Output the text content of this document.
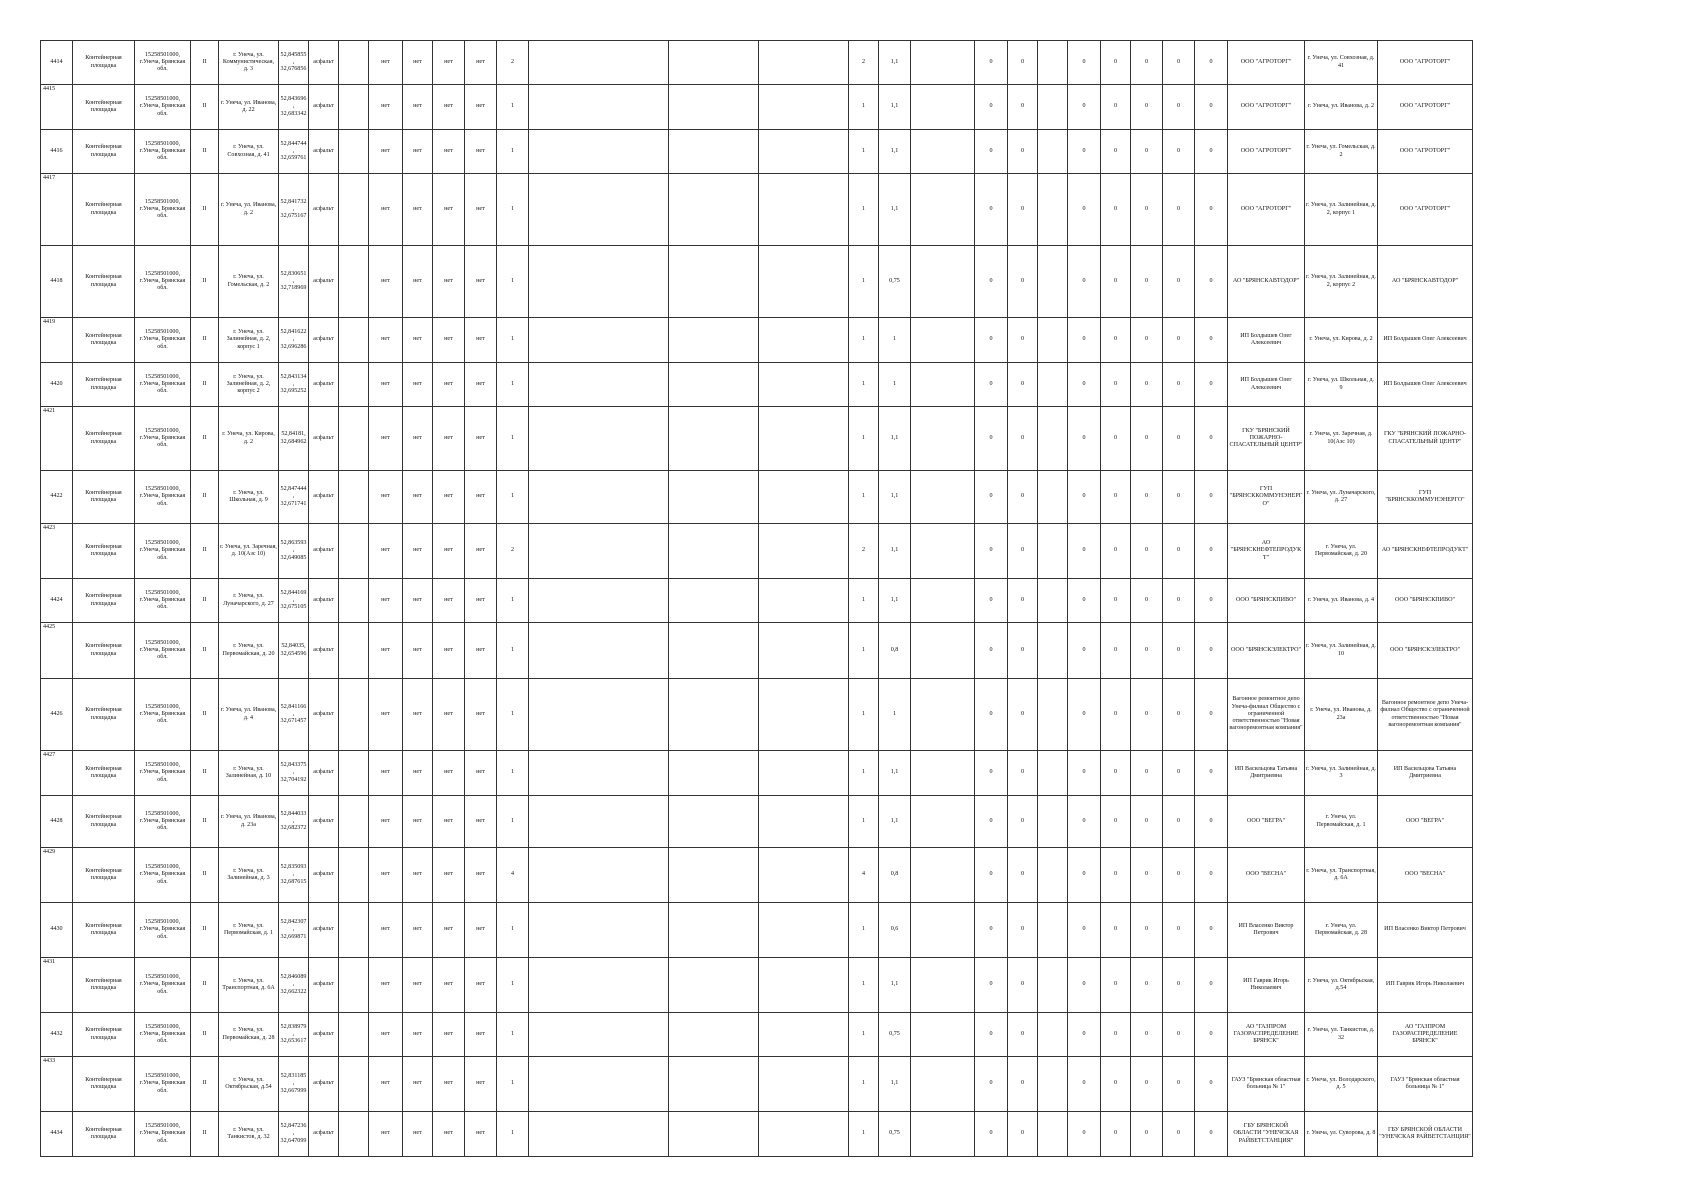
4414	Контейнерная площадка	15258501000, г.Унеча, Брянская обл.	II	г. Унеча, ул. Коммунистическая, д. 3	52,845855, 32,676856	асфальт		нет	нет	нет	нет	2				2	1,1		0	0		0	0	0	0	0	ООО "АГРОТОРГ"	г. Унеча, ул. Совхозная, д. 41	ООО "АГРОТОРГ"
4415	Контейнерная площадка	15258501000, г.Унеча, Брянская обл.	II	г. Унеча, ул. Иванова, д. 22	52,843696, 32,683342	асфальт		нет	нет	нет	нет	1				1	1,1		0	0		0	0	0	0	0	ООО "АГРОТОРГ"	г. Унеча, ул. Иванова, д. 2	ООО "АГРОТОРГ"
4416	Контейнерная площадка	15258501000, г.Унеча, Брянская обл.	II	г. Унеча, ул. Совхозная, д. 41	52,844744, 32,659761	асфальт		нет	нет	нет	нет	1				1	1,1		0	0		0	0	0	0	0	ООО "АГРОТОРГ"	г. Унеча, ул. Гомельская, д. 2	ООО "АГРОТОРГ"
4417	Контейнерная площадка	15258501000, г.Унеча, Брянская обл.	II	г. Унеча, ул. Иванова, д. 2	52,841732, 32,675167	асфальт		нет	нет	нет	нет	1				1	1,1		0	0		0	0	0	0	0	ООО "АГРОТОРГ"	г. Унеча, ул. Залинейная, д. 2, корпус 1	ООО "АГРОТОРГ"
4418	Контейнерная площадка	15258501000, г.Унеча, Брянская обл.	II	г. Унеча, ул. Гомельская, д. 2	52,830651, 32,718969	асфальт		нет	нет	нет	нет	1				1	0,75		0	0		0	0	0	0	0	АО "БРЯНСКАВТОДОР"	г. Унеча, ул. Залинейная, д. 2, корпус 2	АО "БРЯНСКАВТОДОР"
4419	Контейнерная площадка	15258501000, г.Унеча, Брянская обл.	II	г. Унеча, ул. Залинейная, д. 2, корпус 1	52,841622, 32,696286	асфальт		нет	нет	нет	нет	1				1	1		0	0		0	0	0	0	0	ИП Болдышев Олег Алексеевич	г. Унеча, ул. Кирова, д. 2	ИП Болдышев Олег Алексеевич
4420	Контейнерная площадка	15258501000, г.Унеча, Брянская обл.	II	г. Унеча, ул. Залинейная, д. 2, корпус 2	52,843134, 32,695252	асфальт		нет	нет	нет	нет	1				1	1		0	0		0	0	0	0	0	ИП Болдышев Олег Алексеевич	г. Унеча, ул. Школьная, д. 9	ИП Болдышев Олег Алексеевич
4421	Контейнерная площадка	15258501000, г.Унеча, Брянская обл.	II	г. Унеча, ул. Кирова, д. 2	52,84181, 32,684962	асфальт		нет	нет	нет	нет	1				1	1,1		0	0		0	0	0	0	0	ГКУ "БРЯНСКИЙ ПОЖАРНО-СПАСАТЕЛЬНЫЙ ЦЕНТР"	г. Унеча, ул. Заречная, д. 10(Азс 10)	ГКУ "БРЯНСКИЙ ПОЖАРНО-СПАСАТЕЛЬНЫЙ ЦЕНТР"
4422	Контейнерная площадка	15258501000, г.Унеча, Брянская обл.	II	г. Унеча, ул. Школьная, д. 9	52,847444, 32,671741	асфальт		нет	нет	нет	нет	1				1	1,1		0	0		0	0	0	0	0	ГУП "БРЯНСККОММУНЭНЕРГО"	г. Унеча, ул. Луначарского, д. 27	ГУП "БРЯНСККОММУНЭНЕРГО"
4423	Контейнерная площадка	15258501000, г.Унеча, Брянская обл.	II	г. Унеча, ул. Заречная, д. 10(Азс 10)	52,863593, 32,649085	асфальт		нет	нет	нет	нет	2				2	1,1		0	0		0	0	0	0	0	АО "БРЯНСКНЕФТЕПРОДУКТ"	г. Унеча, ул. Первомайская, д. 20	АО "БРЯНСКНЕФТЕПРОДУКТ"
4424	Контейнерная площадка	15258501000, г.Унеча, Брянская обл.	II	г. Унеча, ул. Луначарского, д. 27	52,844169, 32,675105	асфальт		нет	нет	нет	нет	1				1	1,1		0	0		0	0	0	0	0	ООО "БРЯНСКПИВО"	г. Унеча, ул. Иванова, д. 4	ООО "БРЯНСКПИВО"
4425	Контейнерная площадка	15258501000, г.Унеча, Брянская обл.	II	г. Унеча, ул. Первомайская, д. 20	52,84035, 32,654596	асфальт		нет	нет	нет	нет	1				1	0,8		0	0		0	0	0	0	0	ООО "БРЯНСКЭЛЕКТРО"	г. Унеча, ул. Залинейная, д. 10	ООО "БРЯНСКЭЛЕКТРО"
4426	Контейнерная площадка	15258501000, г.Унеча, Брянская обл.	II	г. Унеча, ул. Иванова, д. 4	52,841166, 32,671457	асфальт		нет	нет	нет	нет	1				1	1		0	0		0	0	0	0	0	Вагонное ремонтное депо Унеча-филиал Общество с ограниченной ответственностью "Новая вагоноремонтная компания"	г. Унеча, ул. Иванова, д. 23а	Вагонное ремонтное депо Унеча-филиал Общество с ограниченной ответственностью "Новая вагоноремонтная компания"
4427	Контейнерная площадка	15258501000, г.Унеча, Брянская обл.	II	г. Унеча, ул. Залинейная, д. 10	52,843375, 32,704192	асфальт		нет	нет	нет	нет	1				1	1,1		0	0		0	0	0	0	0	ИП Васильцова Татьяна Дмитриевна	г. Унеча, ул. Залинейная, д. 3	ИП Васильцова Татьяна Дмитриевна
4428	Контейнерная площадка	15258501000, г.Унеча, Брянская обл.	II	г. Унеча, ул. Иванова, д. 23а	52,844033, 32,682372	асфальт		нет	нет	нет	нет	1				1	1,1		0	0		0	0	0	0	0	ООО "ВЕГРА"	г. Унеча, ул. Первомайская, д. 1	ООО "ВЕГРА"
4429	Контейнерная площадка	15258501000, г.Унеча, Брянская обл.	II	г. Унеча, ул. Залинейная, д. 3	52,835093, 32,687615	асфальт		нет	нет	нет	нет	4				4	0,8		0	0		0	0	0	0	0	ООО "ВЕСНА"	г. Унеча, ул. Транспортная, д. 6А	ООО "ВЕСНА"
4430	Контейнерная площадка	15258501000, г.Унеча, Брянская обл.	II	г. Унеча, ул. Первомайская, д. 1	52,842307, 32,669871	асфальт		нет	нет	нет	нет	1				1	0,6		0	0		0	0	0	0	0	ИП Власенко Виктор Петрович	г. Унеча, ул. Первомайская, д. 28	ИП Власенко Виктор Петрович
4431	Контейнерная площадка	15258501000, г.Унеча, Брянская обл.	II	г. Унеча, ул. Транспортная, д. 6А	52,846089, 32,662322	асфальт		нет	нет	нет	нет	1				1	1,1		0	0		0	0	0	0	0	ИП Гаврик Игорь Николаевич	г. Унеча, ул. Октябрьская, д.54	ИП Гаврик Игорь Николаевич
4432	Контейнерная площадка	15258501000, г.Унеча, Брянская обл.	II	г. Унеча, ул. Первомайская, д. 28	52,838979, 32,653617	асфальт		нет	нет	нет	нет	1				1	0,75		0	0		0	0	0	0	0	АО "ГАЗПРОМ ГАЗОРАСПРЕДЕЛЕНИЕ БРЯНСК"	г. Унеча, ул. Танкистов, д. 32	АО "ГАЗПРОМ ГАЗОРАСПРЕДЕЛЕНИЕ БРЯНСК"
4433	Контейнерная площадка	15258501000, г.Унеча, Брянская обл.	II	г. Унеча, ул. Октябрьская, д.54	52,831185, 32,667999	асфальт		нет	нет	нет	нет	1				1	1,1		0	0		0	0	0	0	0	ГАУЗ "Брянская областная больница № 1"	г. Унеча, ул. Володарского, д. 5	ГАУЗ "Брянская областная больница № 1"
4434	Контейнерная площадка	15258501000, г.Унеча, Брянская обл.	II	г. Унеча, ул. Танкистов, д. 32	52,847236, 32,647099	асфальт		нет	нет	нет	нет	1				1	0,75		0	0		0	0	0	0	0	ГБУ БРЯНСКОЙ ОБЛАСТИ "УНЕЧСКАЯ РАЙВЕТСТАНЦИЯ"	г. Унеча, ул. Суворова, д. 8	ГБУ БРЯНСКОЙ ОБЛАСТИ "УНЕЧСКАЯ РАЙВЕТСТАНЦИЯ"
